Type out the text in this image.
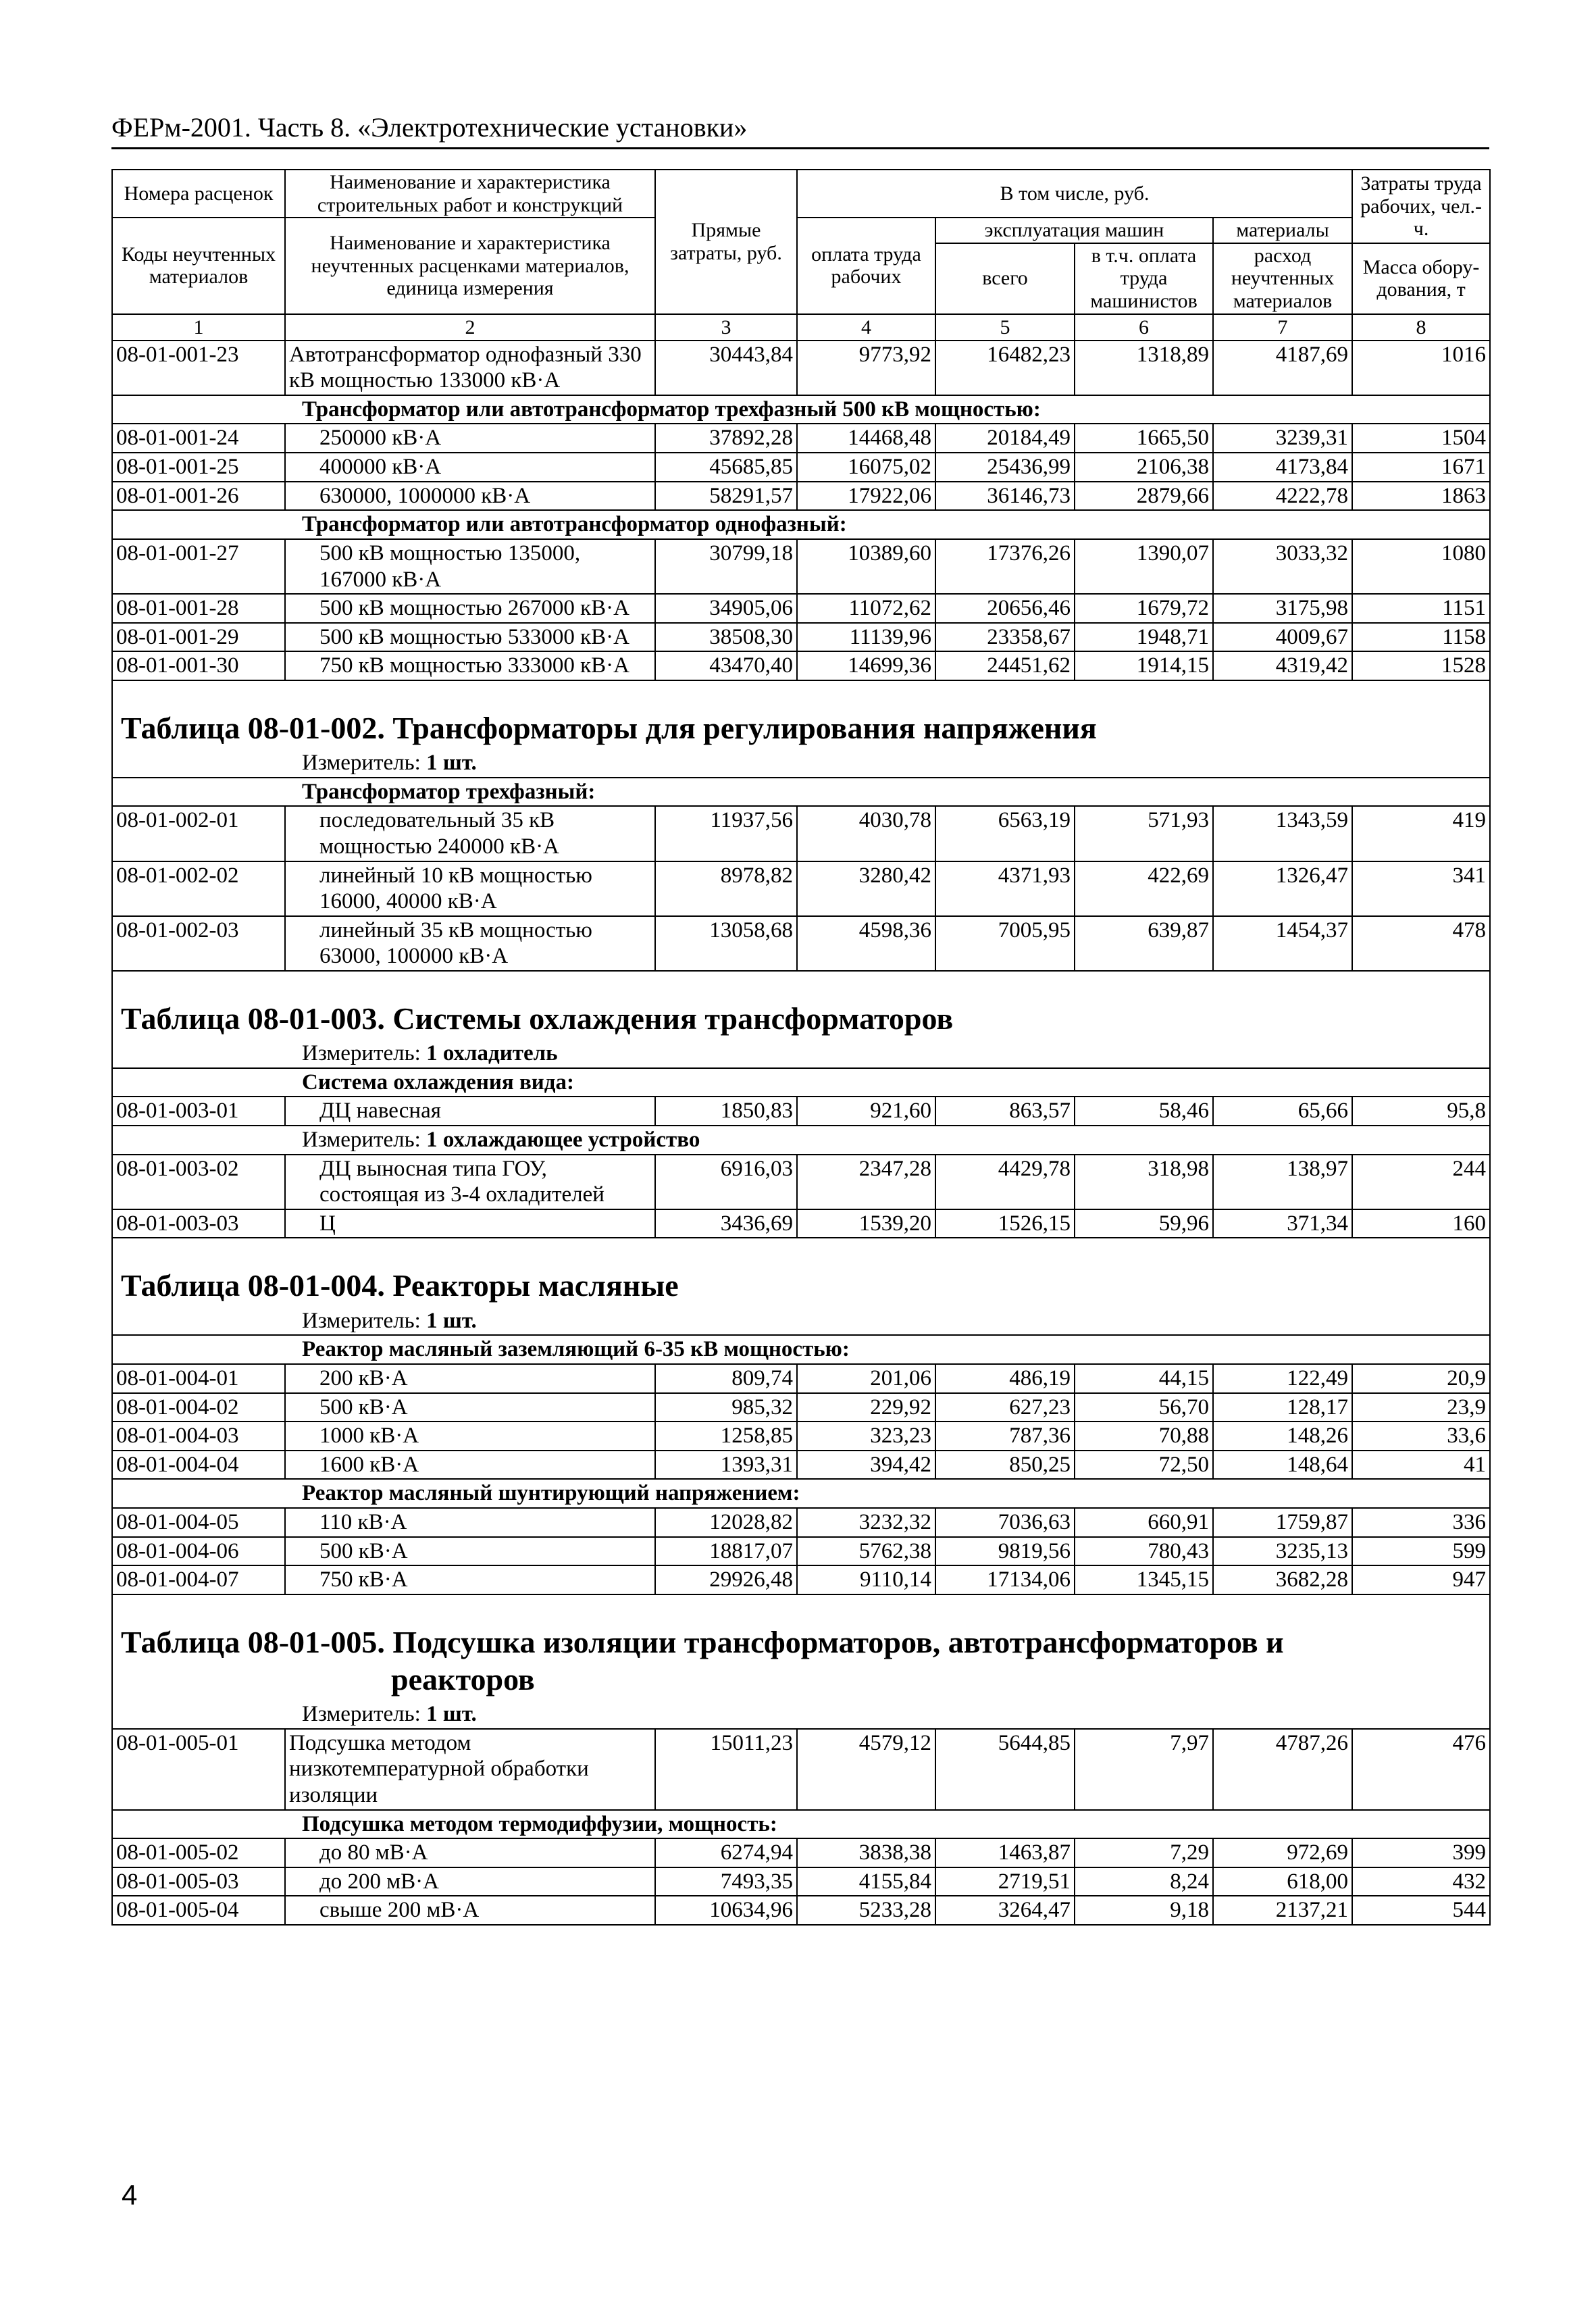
ФЕРм-2001. Часть 8. «Электротехнические установки»
Номера расценок	Наименование и характеристика строительных работ и конструкций	Прямые затраты, руб.	В том числе, руб.				Затраты труда рабочих, чел.-ч.
Коды неучтенных материалов	Наименование и характеристика неучтенных расценками материалов, единица измерения		оплата труда рабочих	эксплуатация машин		материалы	
				всего	в т.ч. оплата труда машинистов	расход неучтенных материалов	Масса обору-дования, т
1	2	3	4	5	6	7	8
08-01-001-23	Автотрансформатор однофазный 330 кВ мощностью 133000 кВ·А	30443,84	9773,92	16482,23	1318,89	4187,69	1016
Трансформатор или автотрансформатор трехфазный 500 кВ мощностью:							
08-01-001-24	250000 кВ·А	37892,28	14468,48	20184,49	1665,50	3239,31	1504
08-01-001-25	400000 кВ·А	45685,85	16075,02	25436,99	2106,38	4173,84	1671
08-01-001-26	630000, 1000000 кВ·А	58291,57	17922,06	36146,73	2879,66	4222,78	1863
Трансформатор или автотрансформатор однофазный:							
08-01-001-27	500 кВ мощностью 135000, 167000 кВ·А	30799,18	10389,60	17376,26	1390,07	3033,32	1080
08-01-001-28	500 кВ мощностью 267000 кВ·А	34905,06	11072,62	20656,46	1679,72	3175,98	1151
08-01-001-29	500 кВ мощностью 533000 кВ·А	38508,30	11139,96	23358,67	1948,71	4009,67	1158
08-01-001-30	750 кВ мощностью 333000 кВ·А	43470,40	14699,36	24451,62	1914,15	4319,42	1528

Таблица 08-01-002. Трансформаторы для регулирования напряжения							
Измеритель: 1 шт.							
Трансформатор трехфазный:							
08-01-002-01	последовательный 35 кВ мощностью 240000 кВ·А	11937,56	4030,78	6563,19	571,93	1343,59	419
08-01-002-02	линейный 10 кВ мощностью 16000, 40000 кВ·А	8978,82	3280,42	4371,93	422,69	1326,47	341
08-01-002-03	линейный 35 кВ мощностью 63000, 100000 кВ·А	13058,68	4598,36	7005,95	639,87	1454,37	478

Таблица 08-01-003. Системы охлаждения трансформаторов							
Измеритель: 1 охладитель							
Система охлаждения вида:							
08-01-003-01	ДЦ навесная	1850,83	921,60	863,57	58,46	65,66	95,8
Измеритель: 1 охлаждающее устройство							
08-01-003-02	ДЦ выносная типа ГОУ, состоящая из 3-4 охладителей	6916,03	2347,28	4429,78	318,98	138,97	244
08-01-003-03	Ц	3436,69	1539,20	1526,15	59,96	371,34	160

Таблица 08-01-004. Реакторы масляные							
Измеритель: 1 шт.							
Реактор масляный заземляющий 6-35 кВ мощностью:							
08-01-004-01	200 кВ·А	809,74	201,06	486,19	44,15	122,49	20,9
08-01-004-02	500 кВ·А	985,32	229,92	627,23	56,70	128,17	23,9
08-01-004-03	1000 кВ·А	1258,85	323,23	787,36	70,88	148,26	33,6
08-01-004-04	1600 кВ·А	1393,31	394,42	850,25	72,50	148,64	41
Реактор масляный шунтирующий напряжением:							
08-01-004-05	110 кВ·А	12028,82	3232,32	7036,63	660,91	1759,87	336
08-01-004-06	500 кВ·А	18817,07	5762,38	9819,56	780,43	3235,13	599
08-01-004-07	750 кВ·А	29926,48	9110,14	17134,06	1345,15	3682,28	947

Таблица 08-01-005. Подсушка изоляции трансформаторов, автотрансформаторов и
реакторов							

Измеритель: 1 шт.							
08-01-005-01	Подсушка методом низкотемпературной обработки изоляции	15011,23	4579,12	5644,85	7,97	4787,26	476
Подсушка методом термодиффузии, мощность:							
08-01-005-02	до 80 мВ·А	6274,94	3838,38	1463,87	7,29	972,69	399
08-01-005-03	до 200 мВ·А	7493,35	4155,84	2719,51	8,24	618,00	432
08-01-005-04	свыше 200 мВ·А	10634,96	5233,28	3264,47	9,18	2137,21	544
4
